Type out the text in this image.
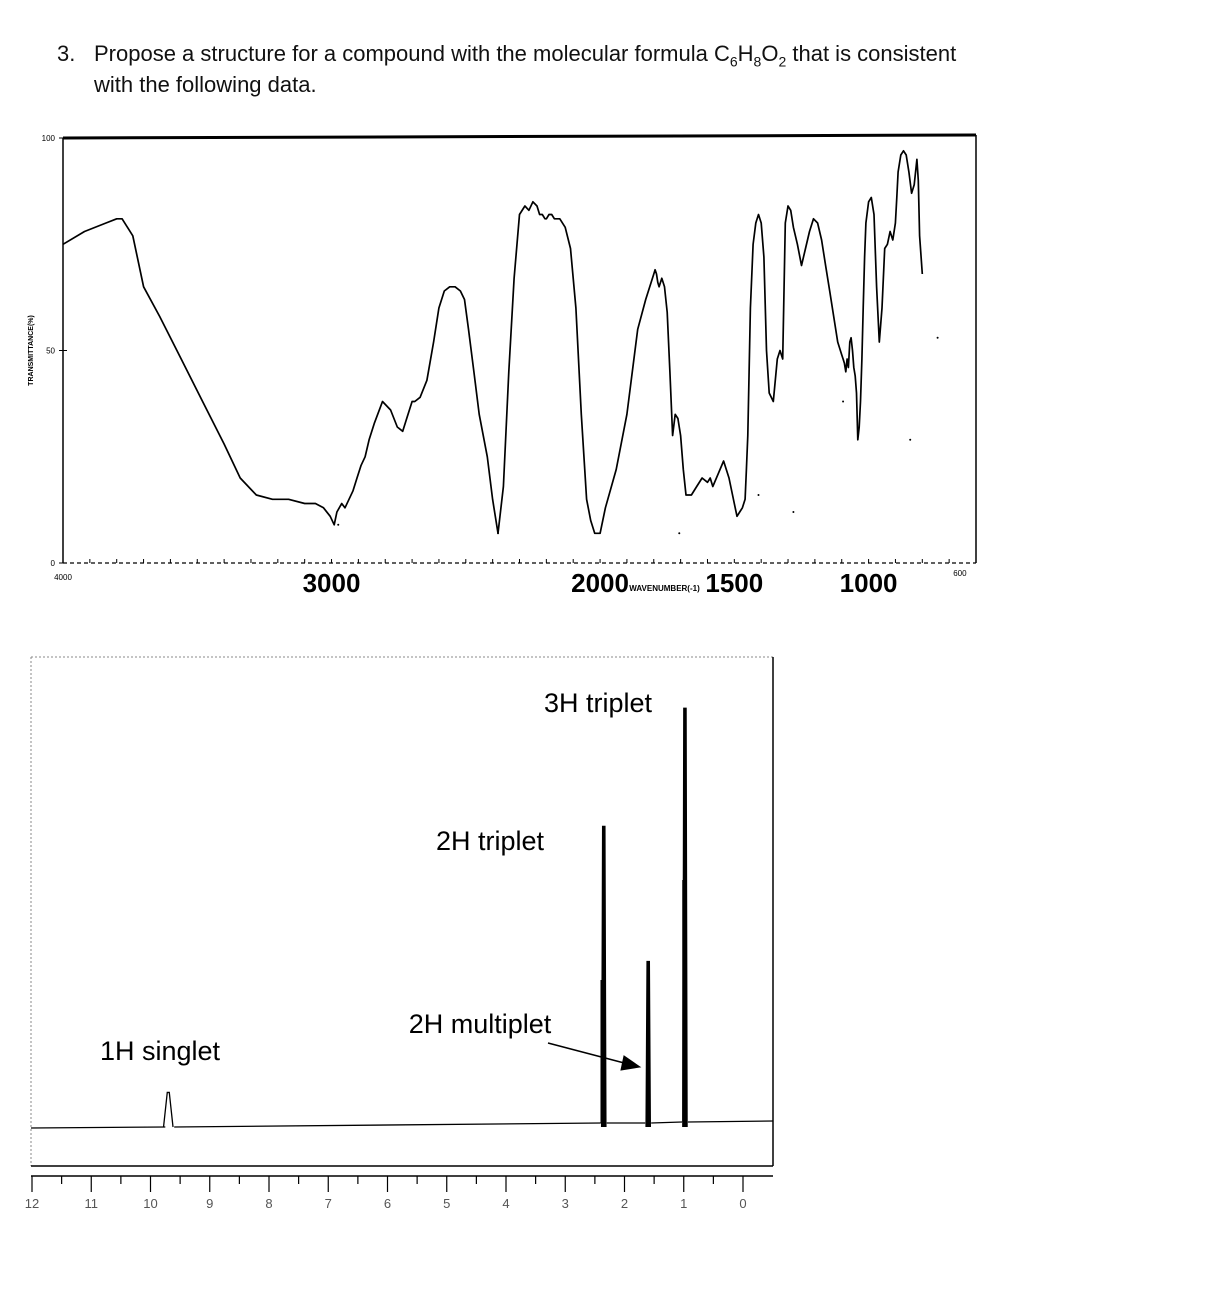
3. Propose a structure for a compound with the molecular formula $C_6H_8O_2$ that is consistent with the following data.
100
50
0
TRANSMITTANCE(%)
3000	2000	1500	1000
4000	600
WAVENUMBER(-1)
12	11	10	9	8	7	6	5	4	3	2	1	0
1H singlet
2H multiplet
2H triplet
3H triplet
